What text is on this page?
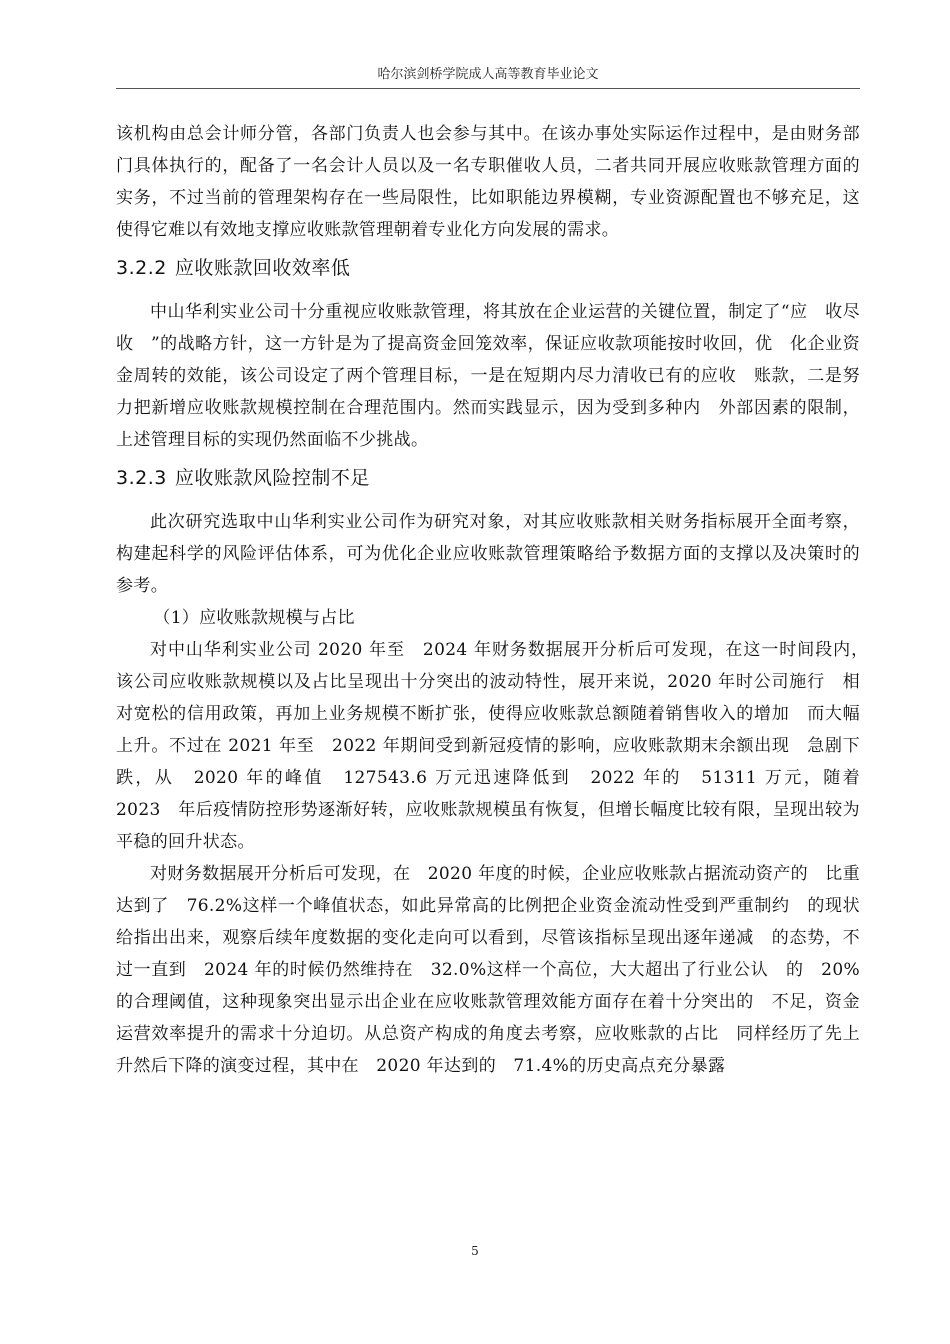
哈尔滨剑桥学院成人高等教育毕业论文

该机构由总会计师分管，各部门负责人也会参与其中。在该办事处实际运作过程中，是由财务部门具体执行的，配备了一名会计人员以及一名专职催收人员，二者共同开展应收账款管理方面的实务，不过当前的管理架构存在一些局限性，比如职能边界模糊，专业资源配置也不够充足，这使得它难以有效地支撑应收账款管理朝着专业化方向发展的需求。

3.2.2 应收账款回收效率低

中山华利实业公司十分重视应收账款管理，将其放在企业运营的关键位置，制定了“应　收尽收　”的战略方针，这一方针是为了提高资金回笼效率，保证应收款项能按时收回，优　化企业资金周转的效能，该公司设定了两个管理目标，一是在短期内尽力清收已有的应收　账款，二是努力把新增应收账款规模控制在合理范围内。然而实践显示，因为受到多种内　外部因素的限制，上述管理目标的实现仍然面临不少挑战。

3.2.3 应收账款风险控制不足

此次研究选取中山华利实业公司作为研究对象，对其应收账款相关财务指标展开全面考察，构建起科学的风险评估体系，可为优化企业应收账款管理策略给予数据方面的支撑以及决策时的参考。

（1）应收账款规模与占比

对中山华利实业公司 2020 年至　2024 年财务数据展开分析后可发现，在这一时间段内，　该公司应收账款规模以及占比呈现出十分突出的波动特性，展开来说，2020 年时公司施行　相对宽松的信用政策，再加上业务规模不断扩张，使得应收账款总额随着销售收入的增加　而大幅上升。不过在 2021 年至　2022 年期间受到新冠疫情的影响，应收账款期末余额出现　急剧下跌，从　2020 年的峰值　127543.6 万元迅速降低到　2022 年的　51311 万元，随着　2023　年后疫情防控形势逐渐好转，应收账款规模虽有恢复，但增长幅度比较有限，呈现出较为　平稳的回升状态。

对财务数据展开分析后可发现，在　2020 年度的时候，企业应收账款占据流动资产的　比重达到了　76.2%这样一个峰值状态，如此异常高的比例把企业资金流动性受到严重制约　的现状给指出出来，观察后续年度数据的变化走向可以看到，尽管该指标呈现出逐年递减　的态势，不过一直到　2024 年的时候仍然维持在　32.0%这样一个高位，大大超出了行业公认　的　20%的合理阈值，这种现象突出显示出企业在应收账款管理效能方面存在着十分突出的　不足，资金运营效率提升的需求十分迫切。从总资产构成的角度去考察，应收账款的占比　同样经历了先上升然后下降的演变过程，其中在　2020 年达到的　71.4%的历史高点充分暴露

5
